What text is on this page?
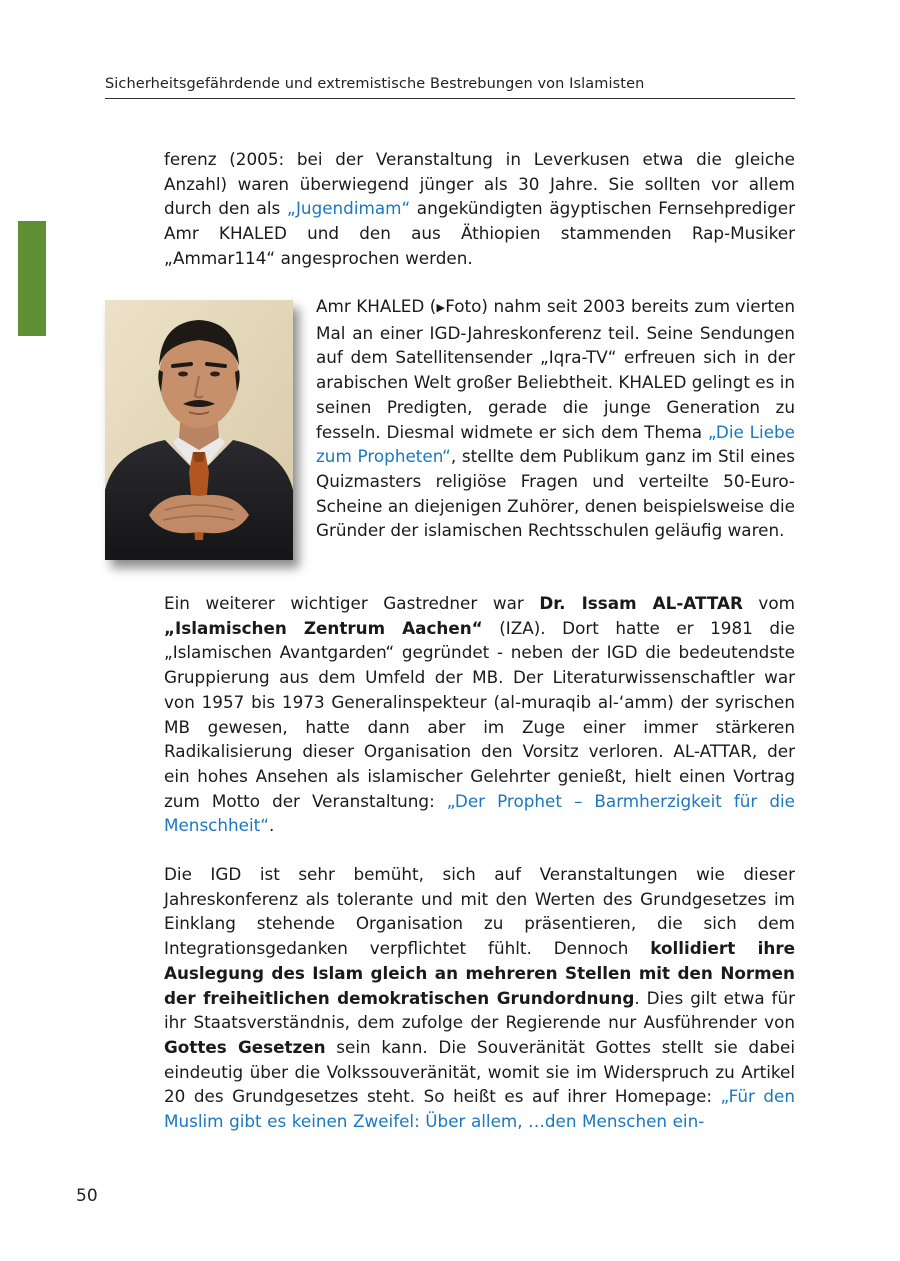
Sicherheitsgefährdende und extremistische Bestrebungen von Islamisten

ferenz (2005: bei der Veranstaltung in Leverkusen etwa die gleiche Anzahl) waren überwiegend jünger als 30 Jahre. Sie sollten vor allem durch den als „Jugendimam“ angekündigten ägyptischen Fernsehprediger Amr KHALED und den aus Äthiopien stammenden Rap-Musiker „Ammar114“ angesprochen werden.

Amr KHALED (▶Foto) nahm seit 2003 bereits zum vierten Mal an einer IGD-Jahreskonferenz teil. Seine Sendungen auf dem Satellitensender „Iqra-TV“ erfreuen sich in der arabischen Welt großer Beliebtheit. KHALED gelingt es in seinen Predigten, gerade die junge Generation zu fesseln. Diesmal widmete er sich dem Thema „Die Liebe zum Propheten“, stellte dem Publikum ganz im Stil eines Quizmasters religiöse Fragen und verteilte 50-Euro-Scheine an diejenigen Zuhörer, denen beispielsweise die Gründer der islamischen Rechtsschulen geläufig waren.

Ein weiterer wichtiger Gastredner war Dr. Issam AL-ATTAR vom „Islamischen Zentrum Aachen“ (IZA). Dort hatte er 1981 die „Islamischen Avantgarden“ gegründet - neben der IGD die bedeutendste Gruppierung aus dem Umfeld der MB. Der Literaturwissenschaftler war von 1957 bis 1973 Generalinspekteur (al-muraqib al-‘amm) der syrischen MB gewesen, hatte dann aber im Zuge einer immer stärkeren Radikalisierung dieser Organisation den Vorsitz verloren. AL-ATTAR, der ein hohes Ansehen als islamischer Gelehrter genießt, hielt einen Vortrag zum Motto der Veranstaltung: „Der Prophet – Barmherzigkeit für die Menschheit“.

Die IGD ist sehr bemüht, sich auf Veranstaltungen wie dieser Jahreskonferenz als tolerante und mit den Werten des Grundgesetzes im Einklang stehende Organisation zu präsentieren, die sich dem Integrationsgedanken verpflichtet fühlt. Dennoch kollidiert ihre Auslegung des Islam gleich an mehreren Stellen mit den Normen der freiheitlichen demokratischen Grundordnung. Dies gilt etwa für ihr Staatsverständnis, dem zufolge der Regierende nur Ausführender von Gottes Gesetzen sein kann. Die Souveränität Gottes stellt sie dabei eindeutig über die Volkssouveränität, womit sie im Widerspruch zu Artikel 20 des Grundgesetzes steht. So heißt es auf ihrer Homepage: „Für den Muslim gibt es keinen Zweifel: Über allem, …den Menschen ein-

50
